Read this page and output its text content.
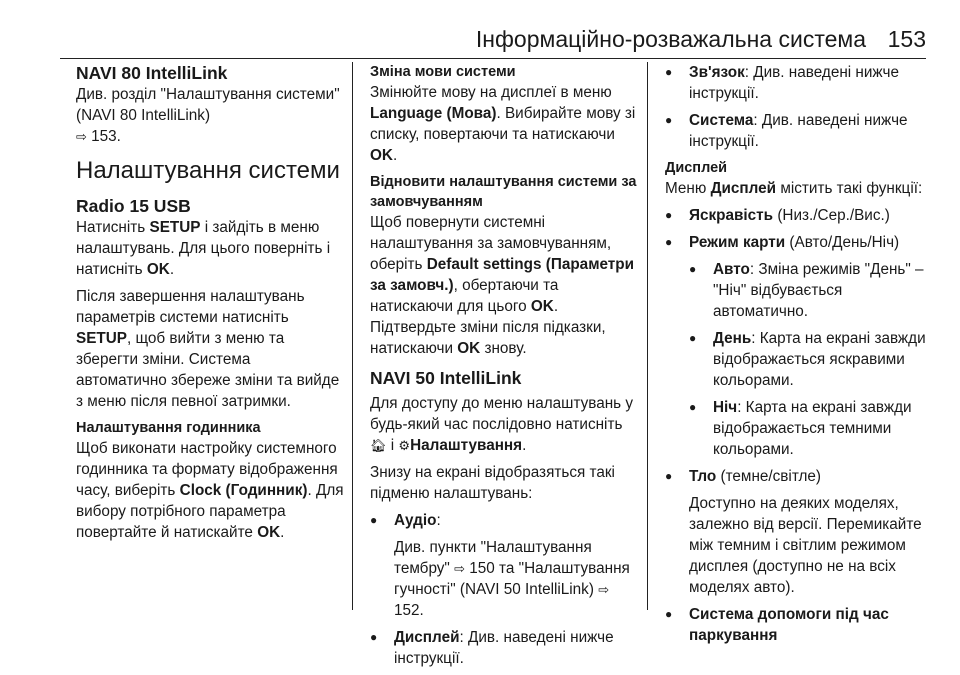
Інформаційно-розважальна система 153
NAVI 80 IntelliLink

Див. розділ "Налаштування системи" (NAVI 80 IntelliLink)
⇨ 153.

Налаштування системи
Radio 15 USB

Натисніть SETUP і зайдіть в меню налаштувань. Для цього поверніть і натисніть OK.

Після завершення налаштувань параметрів системи натисніть SETUP, щоб вийти з меню та зберегти зміни. Система автоматично збереже зміни та вийде з меню після певної затримки.

Налаштування годинника

Щоб виконати настройку системного годинника та формату відображення часу, виберіть Clock (Годинник). Для вибору потрібного параметра повертайте й натискайте OK.

Зміна мови системи

Змінюйте мову на дисплеї в меню Language (Мова). Вибирайте мову зі списку, повертаючи та натискаючи OK.

Відновити налаштування системи за замовчуванням

Щоб повернути системні налаштування за замовчуванням, оберіть Default settings (Параметри за замовч.), обертаючи та натискаючи для цього OK.

Підтвердьте зміни після підказки, натискаючи OK знову.

NAVI 50 IntelliLink

Для доступу до меню налаштувань у будь-який час послідовно натисніть 🏠︎ і ⚙Налаштування.

Знизу на екрані відобразяться такі підменю налаштувань:

● Аудіо:
Див. пункти "Налаштування тембру" ⇨ 150 та "Налаштування гучності" (NAVI 50 IntelliLink) ⇨ 152.
● Дисплей: Див. наведені нижче інструкції.
● Зв'язок: Див. наведені нижче інструкції.
● Система: Див. наведені нижче інструкції.
Дисплей

Меню Дисплей містить такі функції:

● Яскравість (Низ./Сер./Вис.)
● Режим карти (Авто/День/Ніч)
● Авто: Зміна режимів "День" – "Ніч" відбувається автоматично.
● День: Карта на екрані завжди відображається яскравими кольорами.
● Ніч: Карта на екрані завжди відображається темними кольорами.
● Тло (темне/світле)
Доступно на деяких моделях, залежно від версії. Перемикайте між темним і світлим режимом дисплея (доступно не на всіх моделях авто).
● Система допомоги під час паркування
